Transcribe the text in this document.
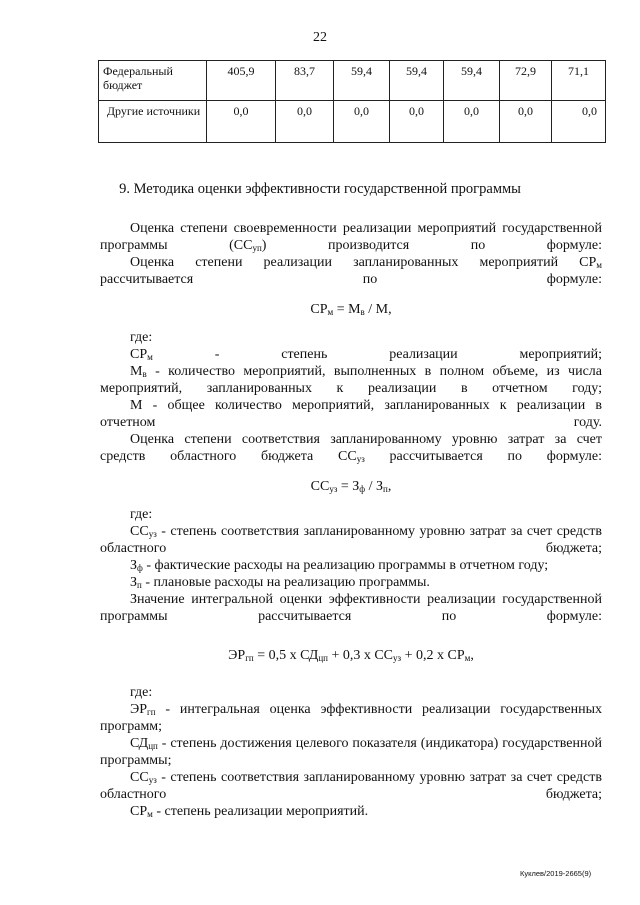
22
Федеральный бюджет	405,9	83,7	59,4	59,4	59,4	72,9	71,1
Другие источники	0,0	0,0	0,0	0,0	0,0	0,0	0,0
9. Методика оценки эффективности государственной программы

Оценка степени своевременности реализации мероприятий государственной программы $(СС_{уп})$ производится по формуле:

Оценка степени реализации запланированных мероприятий $СР_м$ рассчитывается по формуле:

$СР_м = М_в / М$,

где:

$СР_м$ - степень реализации мероприятий;

$М_в$ - количество мероприятий, выполненных в полном объеме, из числа мероприятий, запланированных к реализации в отчетном году;

М - общее количество мероприятий, запланированных к реализации в отчетном году.

Оценка степени соответствия запланированному уровню затрат за счет средств областного бюджета $СС_{уз}$ рассчитывается по формуле:

$СС_{уз} = З_ф / З_п$,

где:

$СС_{уз}$ - степень соответствия запланированному уровню затрат за счет средств областного бюджета;

$З_ф$ - фактические расходы на реализацию программы в отчетном году;

$З_п$ - плановые расходы на реализацию программы.

Значение интегральной оценки эффективности реализации государственной программы рассчитывается по формуле:

$ЭР_{гп} = 0,5$ х $СД_{цп} + 0,3$ х $СС_{уз} + 0,2$ х $СР_м$,

где:

$ЭР_{гп}$ - интегральная оценка эффективности реализации государственных программ;

$СД_{цп}$ - степень достижения целевого показателя (индикатора) государственной программы;

$СС_{уз}$ - степень соответствия запланированному уровню затрат за счет средств областного бюджета;

$СР_м$ - степень реализации мероприятий.

Куклев/2019-2665(9)
